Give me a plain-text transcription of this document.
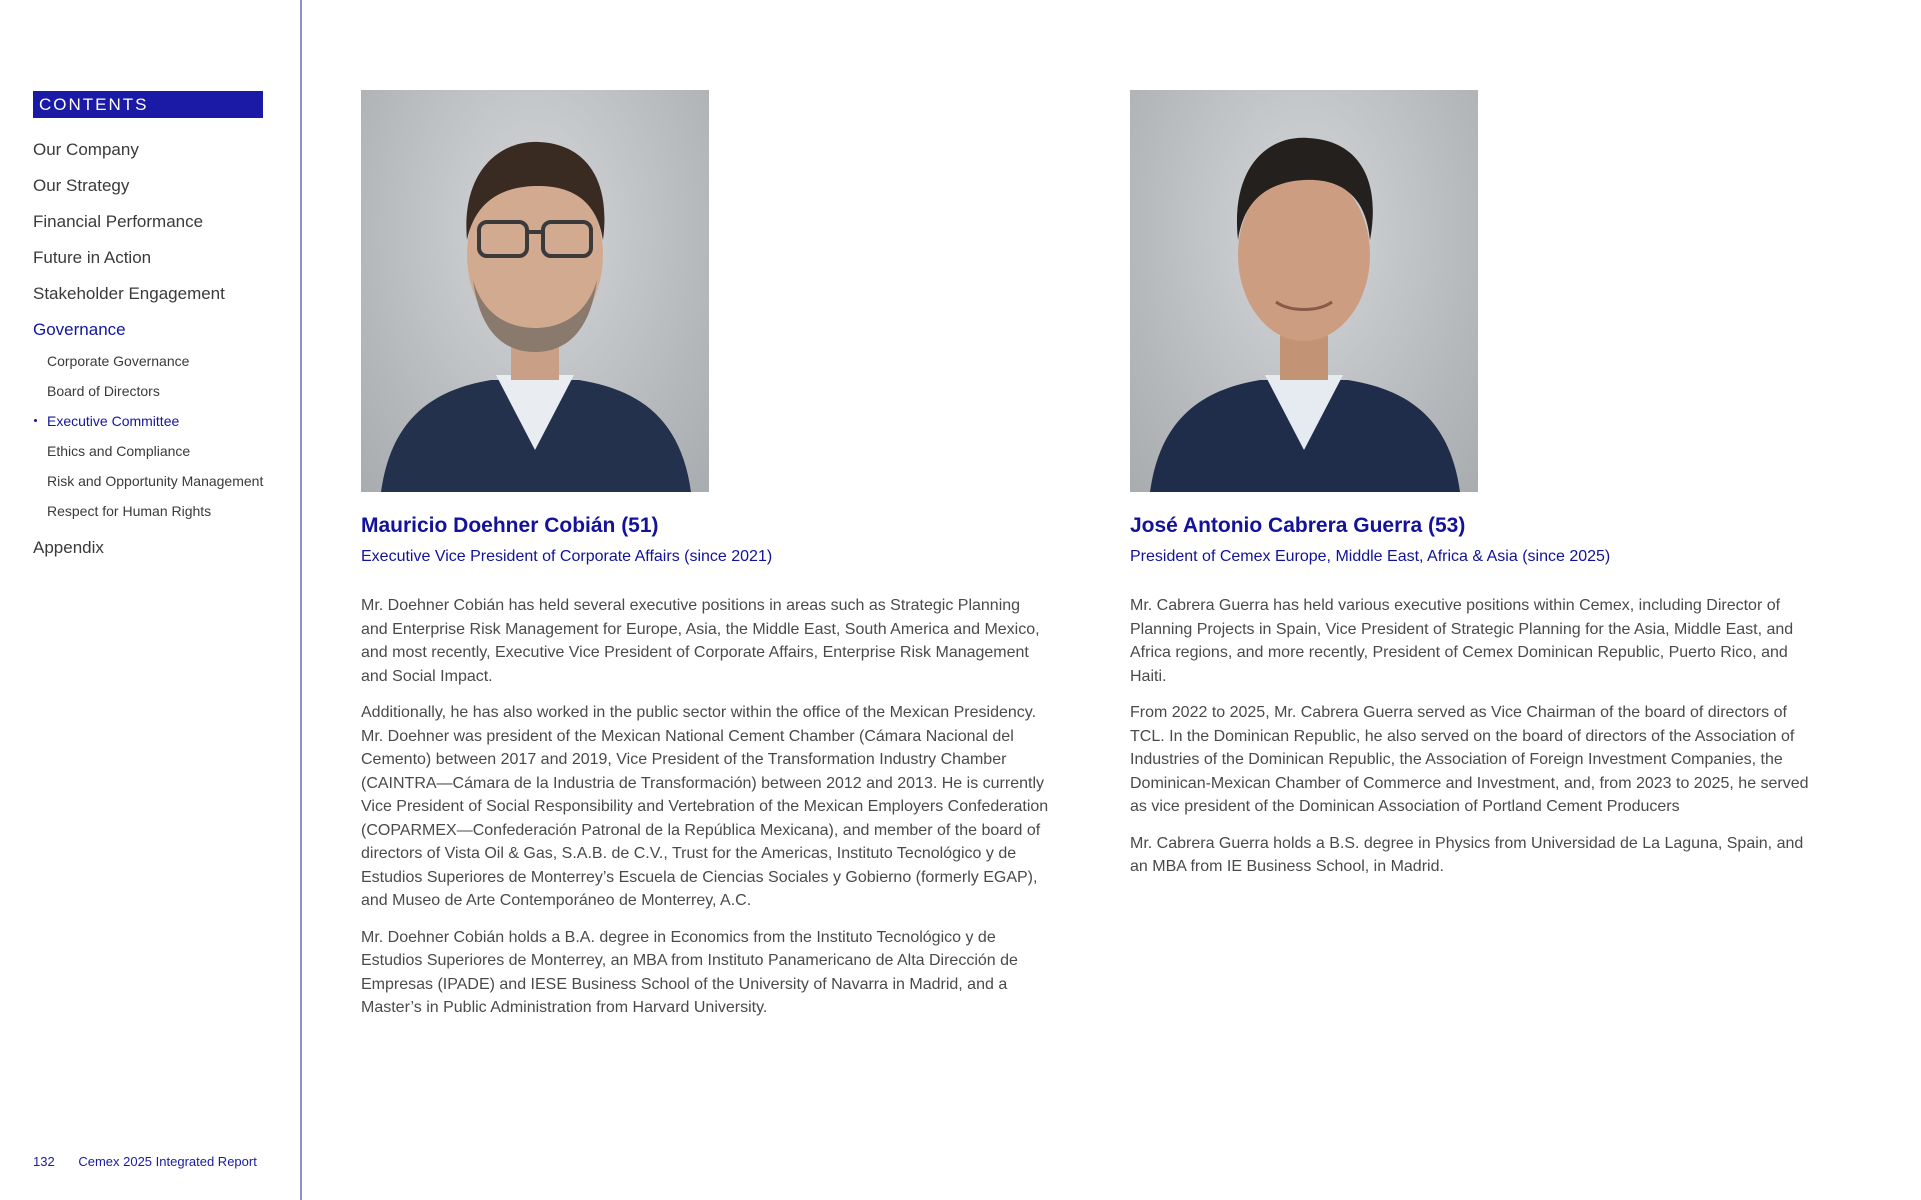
CONTENTS
Our Company
Our Strategy
Financial Performance
Future in Action
Stakeholder Engagement
Governance
Corporate Governance
Board of Directors
Executive Committee
Ethics and Compliance
Risk and Opportunity Management
Respect for Human Rights
Appendix
132 Cemex 2025 Integrated Report
Mauricio Doehner Cobián (51)
Executive Vice President of Corporate Affairs (since 2021)

Mr. Doehner Cobián has held several executive positions in areas such as Strategic Planning and Enterprise Risk Management for Europe, Asia, the Middle East, South America and Mexico, and most recently, Executive Vice President of Corporate Affairs, Enterprise Risk Management and Social Impact.

Additionally, he has also worked in the public sector within the office of the Mexican Presidency. Mr. Doehner was president of the Mexican National Cement Chamber (Cámara Nacional del Cemento) between 2017 and 2019, Vice President of the Transformation Industry Chamber (CAINTRA—Cámara de la Industria de Transformación) between 2012 and 2013. He is currently Vice President of Social Responsibility and Vertebration of the Mexican Employers Confederation (COPARMEX—Confederación Patronal de la República Mexicana), and member of the board of directors of Vista Oil & Gas, S.A.B. de C.V., Trust for the Americas, Instituto Tecnológico y de Estudios Superiores de Monterrey’s Escuela de Ciencias Sociales y Gobierno (formerly EGAP), and Museo de Arte Contemporáneo de Monterrey, A.C.

Mr. Doehner Cobián holds a B.A. degree in Economics from the Instituto Tecnológico y de Estudios Superiores de Monterrey, an MBA from Instituto Panamericano de Alta Dirección de Empresas (IPADE) and IESE Business School of the University of Navarra in Madrid, and a Master’s in Public Administration from Harvard University.

José Antonio Cabrera Guerra (53)
President of Cemex Europe, Middle East, Africa & Asia (since 2025)

Mr. Cabrera Guerra has held various executive positions within Cemex, including Director of Planning Projects in Spain, Vice President of Strategic Planning for the Asia, Middle East, and Africa regions, and more recently, President of Cemex Dominican Republic, Puerto Rico, and Haiti.

From 2022 to 2025, Mr. Cabrera Guerra served as Vice Chairman of the board of directors of TCL. In the Dominican Republic, he also served on the board of directors of the Association of Industries of the Dominican Republic, the Association of Foreign Investment Companies, the Dominican-Mexican Chamber of Commerce and Investment, and, from 2023 to 2025, he served as vice president of the Dominican Association of Portland Cement Producers

Mr. Cabrera Guerra holds a B.S. degree in Physics from Universidad de La Laguna, Spain, and an MBA from IE Business School, in Madrid.
